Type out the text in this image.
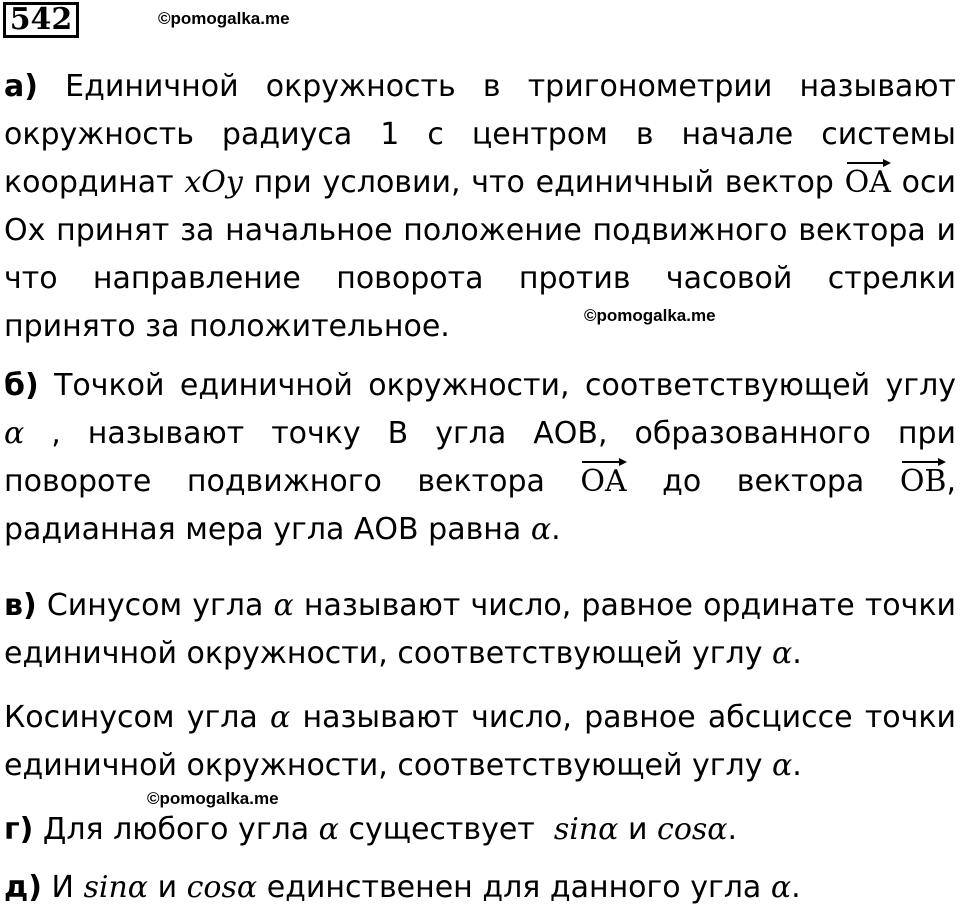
542	©pomogalka.me
©pomogalka.me
©pomogalka.me
а) Единичной окружность в тригонометрии называют окружность радиуса 1 с центром в начале системы координат xOy при условии, что единичный вектор
OA оси Ох принят за начальное положение подвижного вектора и что направление поворота против часовой стрелки принято за положительное.
б) Точкой единичной окружности, соответствующей углу α , называют точку B угла АОВ, образованного при повороте подвижного вектора
OA до вектора
OB, радианная мера угла АОВ равна α.
в) Синусом угла α называют число, равное ординате точки единичной окружности, соответствующей углу α.
Косинусом угла α называют число, равное абсциссе точки единичной окружности, соответствующей углу α.
г) Для любого угла α существует  sinα и cosα.
д) И sinα и cosα единственен для данного угла α.
